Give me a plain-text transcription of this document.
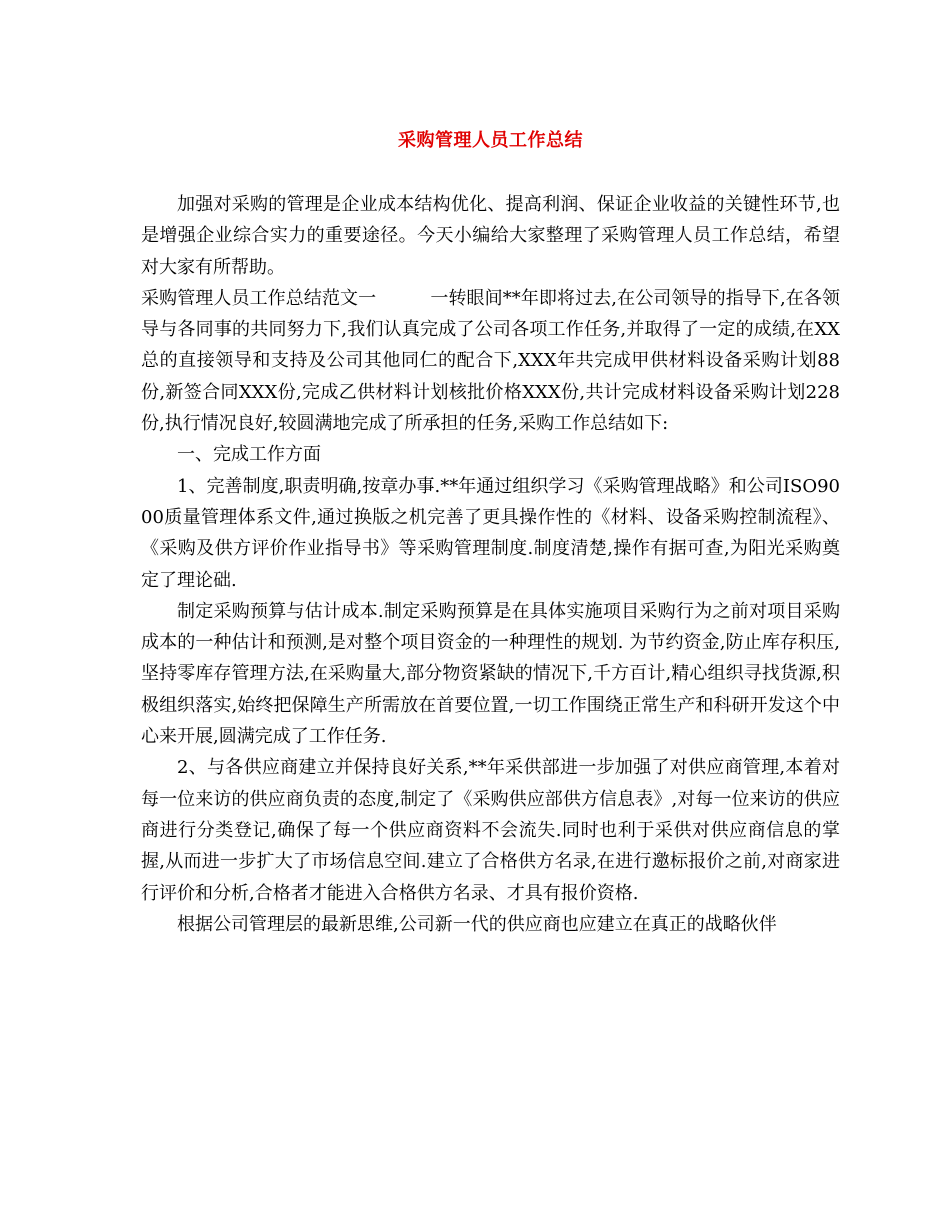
采购管理人员工作总结

加强对采购的管理是企业成本结构优化、提高利润、保证企业收益的关键性环节,也是增强企业综合实力的重要途径。今天小编给大家整理了采购管理人员工作总结，希望对大家有所帮助。

采购管理人员工作总结范文一	一转眼间**年即将过去,在公司领导的指导下,在各领导与各同事的共同努力下,我们认真完成了公司各项工作任务,并取得了一定的成绩,在XX总的直接领导和支持及公司其他同仁的配合下,XXX年共完成甲供材料设备采购计划88份,新签合同XXX份,完成乙供材料计划核批价格XXX份,共计完成材料设备采购计划228份,执行情况良好,较圆满地完成了所承担的任务,采购工作总结如下:

一、完成工作方面

1、完善制度,职责明确,按章办事.**年通过组织学习《采购管理战略》和公司ISO9000质量管理体系文件,通过换版之机完善了更具操作性的《材料、设备采购控制流程》、《采购及供方评价作业指导书》等采购管理制度.制度清楚,操作有据可查,为阳光采购奠定了理论础.

制定采购预算与估计成本.制定采购预算是在具体实施项目采购行为之前对项目采购成本的一种估计和预测,是对整个项目资金的一种理性的规划. 为节约资金,防止库存积压,坚持零库存管理方法,在采购量大,部分物资紧缺的情况下,千方百计,精心组织寻找货源,积极组织落实,始终把保障生产所需放在首要位置,一切工作围绕正常生产和科研开发这个中心来开展,圆满完成了工作任务.

2、与各供应商建立并保持良好关系,**年采供部进一步加强了对供应商管理,本着对每一位来访的供应商负责的态度,制定了《采购供应部供方信息表》,对每一位来访的供应商进行分类登记,确保了每一个供应商资料不会流失.同时也利于采供对供应商信息的掌握,从而进一步扩大了市场信息空间.建立了合格供方名录,在进行邀标报价之前,对商家进行评价和分析,合格者才能进入合格供方名录、才具有报价资格.

根据公司管理层的最新思维,公司新一代的供应商也应建立在真正的战略伙伴
